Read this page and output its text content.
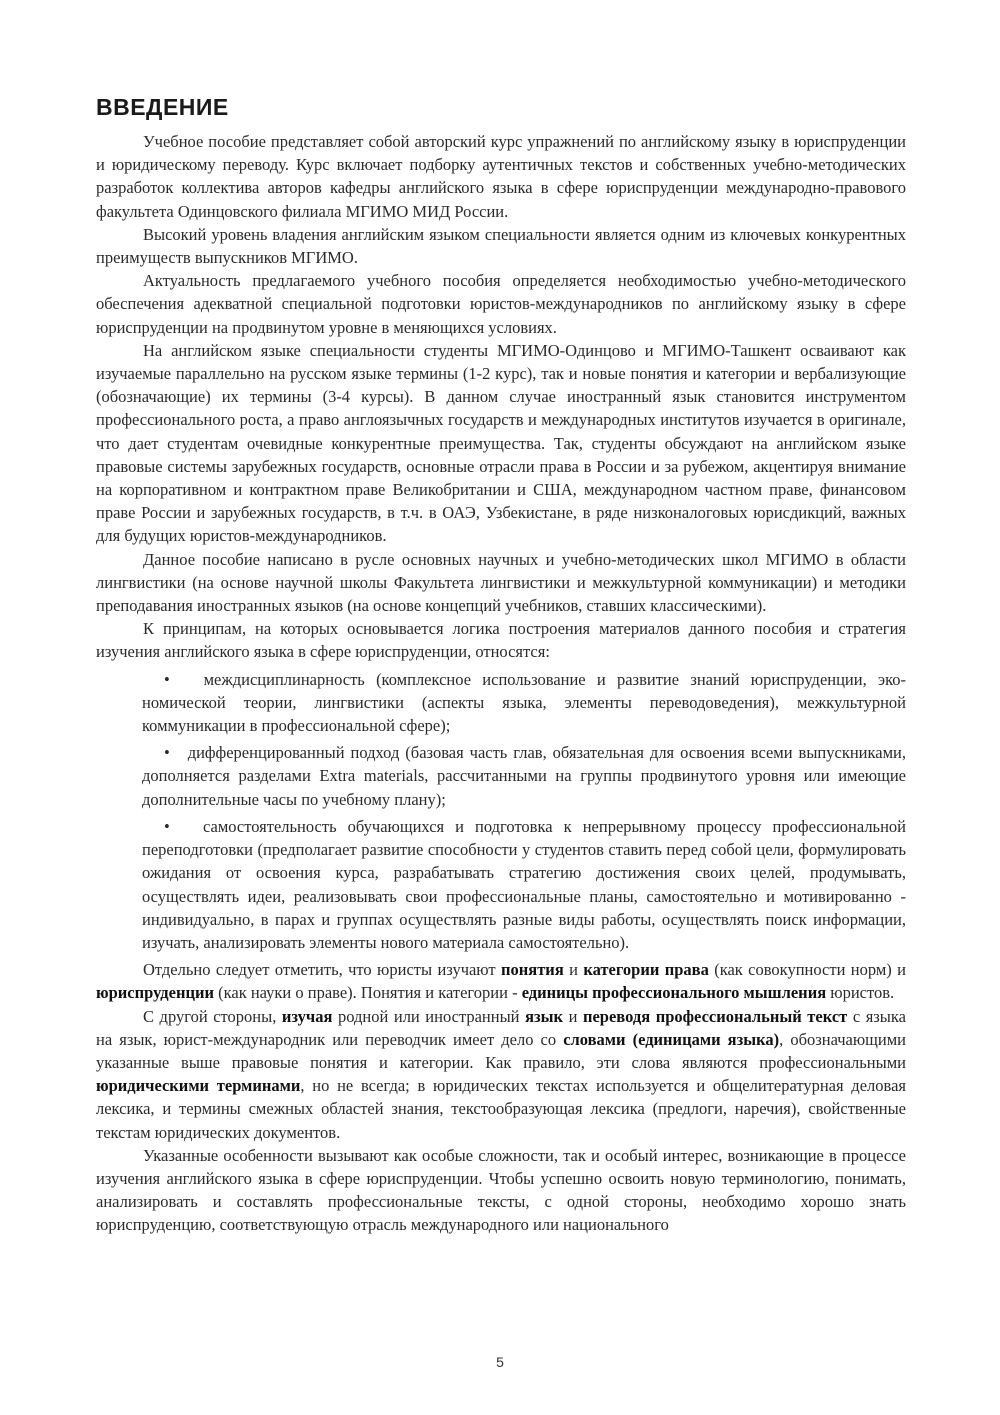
ВВЕДЕНИЕ

Учебное пособие представляет собой авторский курс упражнений по английскому языку в юриспруденции и юридическому переводу. Курс включает подборку аутентичных текстов и собственных учебно-методических разработок коллектива авторов кафедры английского языка в сфере юриспруденции международно-правового факультета Одинцовского филиала МГИМО МИД России.

Высокий уровень владения английским языком специальности является одним из ключевых конкурентных преимуществ выпускников МГИМО.

Актуальность предлагаемого учебного пособия определяется необходимостью учебно-методического обеспечения адекватной специальной подготовки юристов-международников по английскому языку в сфере юриспруденции на продвинутом уровне в меняющихся условиях.

На английском языке специальности студенты МГИМО-Одинцово и МГИМО-Ташкент осваивают как изучаемые параллельно на русском языке термины (1-2 курс), так и новые понятия и категории и вербализующие (обозначающие) их термины (3-4 курсы). В данном случае иностранный язык становится инструментом профессионального роста, а право англоязычных государств и международных институтов изучается в оригинале, что дает студентам очевидные конкурентные преимущества. Так, студенты обсуждают на английском языке правовые системы зарубежных государств, основные отрасли права в России и за рубежом, акцентируя внимание на корпоративном и контрактном праве Великобритании и США, международном частном праве, финансовом праве России и зарубежных государств, в т.ч. в ОАЭ, Узбекистане, в ряде низконалоговых юрисдикций, важных для будущих юристов-международников.

Данное пособие написано в русле основных научных и учебно-методических школ МГИМО в области лингвистики (на основе научной школы Факультета лингвистики и межкультурной коммуникации) и методики преподавания иностранных языков (на основе концепций учебников, ставших классическими).

К принципам, на которых основывается логика построения материалов данного пособия и стратегия изучения английского языка в сфере юриспруденции, относятся:

• междисциплинарность (комплексное использование и развитие знаний юриспруденции, экономической теории, лингвистики (аспекты языка, элементы переводоведения), межкультурной коммуникации в профессиональной сфере);
• дифференцированный подход (базовая часть глав, обязательная для освоения всеми выпускниками, дополняется разделами Extra materials, рассчитанными на группы продвинутого уровня или имеющие дополнительные часы по учебному плану);
• самостоятельность обучающихся и подготовка к непрерывному процессу профессиональной переподготовки (предполагает развитие способности у студентов ставить перед собой цели, формулировать ожидания от освоения курса, разрабатывать стратегию достижения своих целей, продумывать, осуществлять идеи, реализовывать свои профессиональные планы, самостоятельно и мотивированно - индивидуально, в парах и группах осуществлять разные виды работы, осуществлять поиск информации, изучать, анализировать элементы нового материала самостоятельно).

Отдельно следует отметить, что юристы изучают понятия и категории права (как совокупности норм) и юриспруденции (как науки о праве). Понятия и категории - единицы профессионального мышления юристов.

С другой стороны, изучая родной или иностранный язык и переводя профессиональный текст с языка на язык, юрист-международник или переводчик имеет дело со словами (единицами языка), обозначающими указанные выше правовые понятия и категории. Как правило, эти слова являются профессиональными юридическими терминами, но не всегда; в юридических текстах используется и общелитературная деловая лексика, и термины смежных областей знания, текстообразующая лексика (предлоги, наречия), свойственные текстам юридических документов.

Указанные особенности вызывают как особые сложности, так и особый интерес, возникающие в процессе изучения английского языка в сфере юриспруденции. Чтобы успешно освоить новую терминологию, понимать, анализировать и составлять профессиональные тексты, с одной стороны, необходимо хорошо знать юриспруденцию, соответствующую отрасль международного или национального

5
